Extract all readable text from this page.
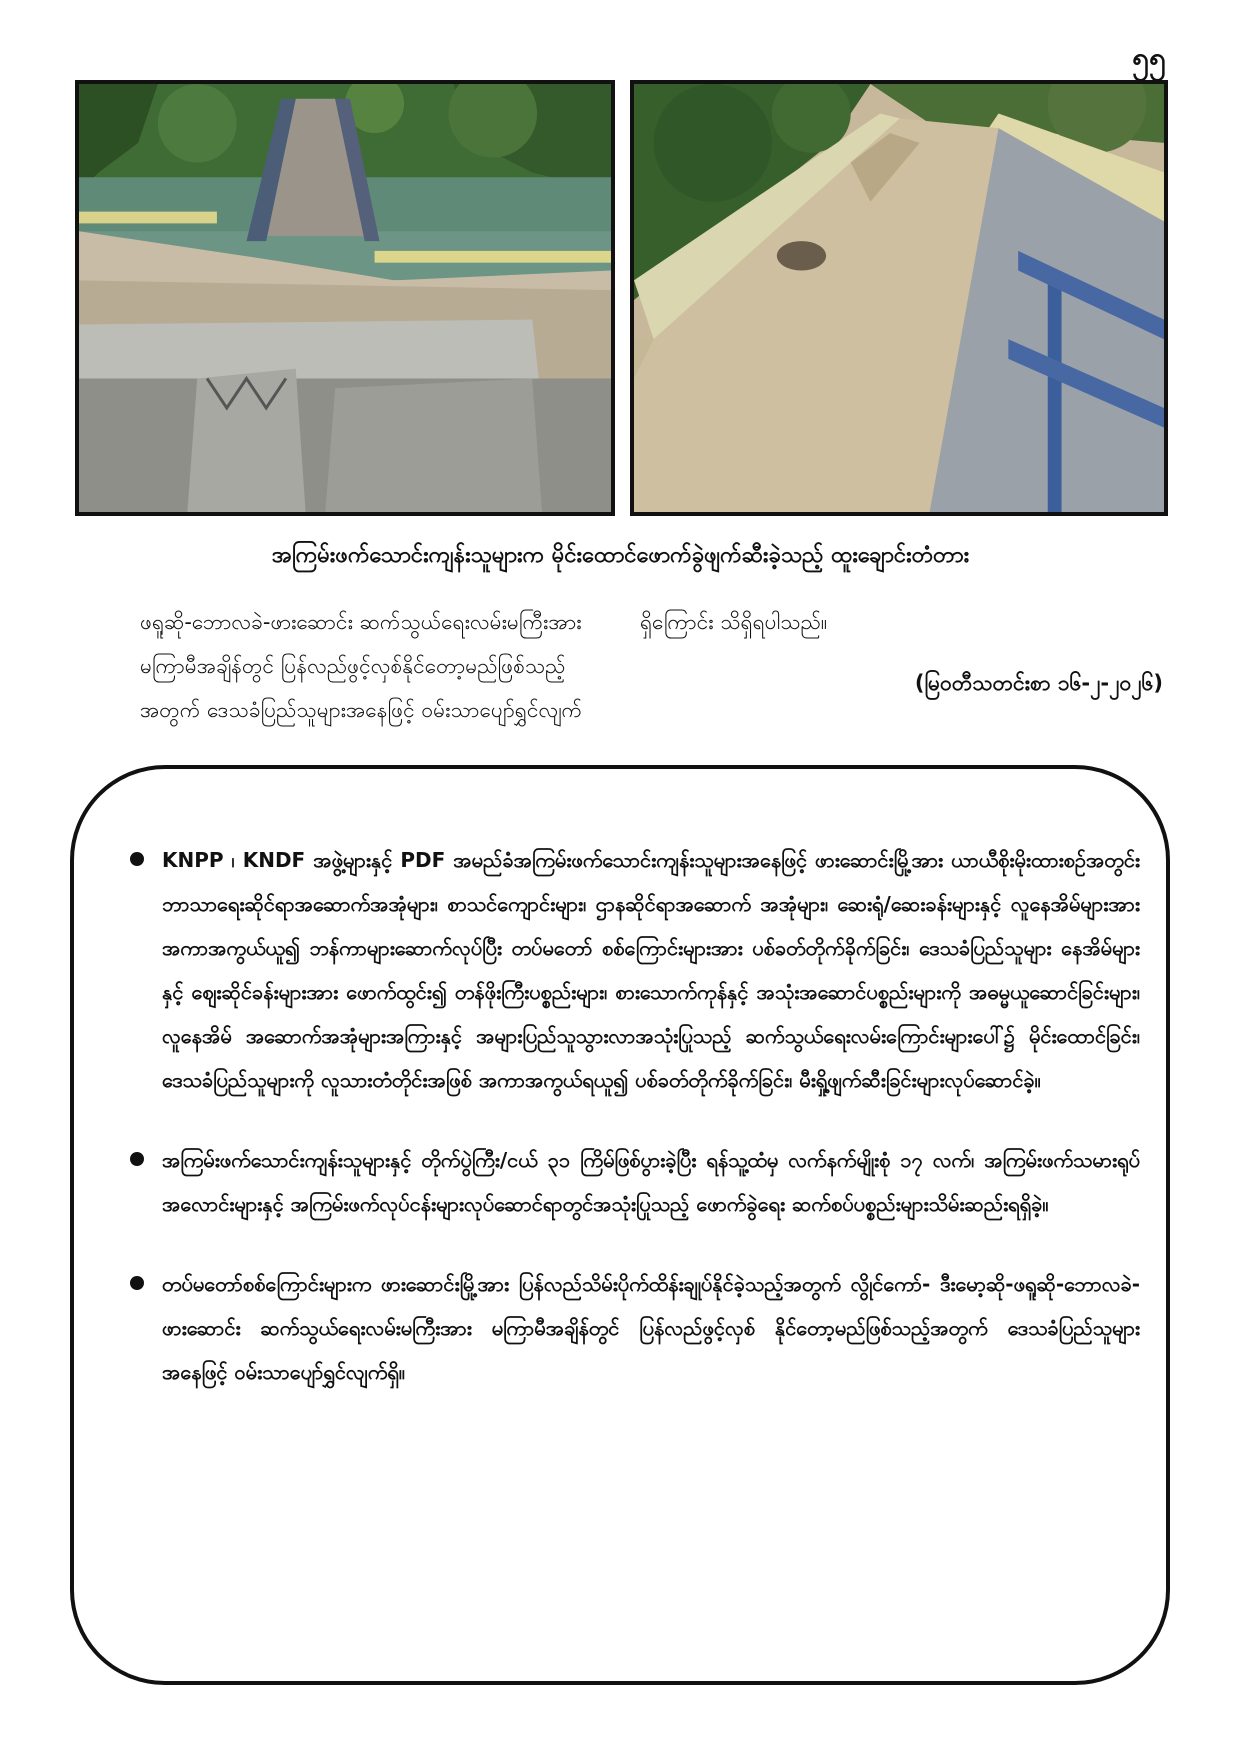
၅၅
အကြမ်းဖက်သောင်းကျန်းသူများက မိုင်းထောင်ဖောက်ခွဲဖျက်ဆီးခဲ့သည့် ထူးချောင်းတံတား
ဖရူဆို-ဘောလခဲ-ဖားဆောင်း ဆက်သွယ်ရေးလမ်းမကြီးအား
မကြာမီအချိန်တွင် ပြန်လည်ဖွင့်လှစ်နိုင်တော့မည်ဖြစ်သည့်
အတွက် ဒေသခံပြည်သူများအနေဖြင့် ဝမ်းသာပျော်ရွှင်လျက်
ရှိကြောင်း သိရှိရပါသည်။
(မြဝတီသတင်းစာ ၁၆-၂-၂၀၂၆)
KNPP ၊ KNDF အဖွဲ့များနှင့် PDF အမည်ခံအကြမ်းဖက်သောင်းကျန်းသူများအနေဖြင့် ဖားဆောင်းမြို့အား ယာယီစိုးမိုးထားစဉ်အတွင်း ဘာသာရေးဆိုင်ရာအဆောက်အအုံများ၊ စာသင်ကျောင်းများ၊ ဌာနဆိုင်ရာအဆောက် အအုံများ၊ ဆေးရုံ/ဆေးခန်းများနှင့် လူနေအိမ်များအားအကာအကွယ်ယူ၍ ဘန်ကာများဆောက်လုပ်ပြီး တပ်မတော် စစ်ကြောင်းများအား ပစ်ခတ်တိုက်ခိုက်ခြင်း၊ ဒေသခံပြည်သူများ နေအိမ်များနှင့် ဈေးဆိုင်ခန်းများအား ဖောက်ထွင်း၍ တန်ဖိုးကြီးပစ္စည်းများ၊ စားသောက်ကုန်နှင့် အသုံးအဆောင်ပစ္စည်းများကို အဓမ္မယူဆောင်ခြင်းများ၊ လူနေအိမ် အဆောက်အအုံများအကြားနှင့် အများပြည်သူသွားလာအသုံးပြုသည့် ဆက်သွယ်ရေးလမ်းကြောင်းများပေါ်၌ မိုင်းထောင်ခြင်း၊ ဒေသခံပြည်သူများကို လူသားတံတိုင်းအဖြစ် အကာအကွယ်ရယူ၍ ပစ်ခတ်တိုက်ခိုက်ခြင်း၊ မီးရှို့ဖျက်ဆီးခြင်းများလုပ်ဆောင်ခဲ့။
အကြမ်းဖက်သောင်းကျန်းသူများနှင့် တိုက်ပွဲကြီး/ငယ် ၃၁ ကြိမ်ဖြစ်ပွားခဲ့ပြီး ရန်သူ့ထံမှ လက်နက်မျိုးစုံ ၁၇ လက်၊ အကြမ်းဖက်သမားရုပ်အလောင်းများနှင့် အကြမ်းဖက်လုပ်ငန်းများလုပ်ဆောင်ရာတွင်အသုံးပြုသည့် ဖောက်ခွဲရေး ဆက်စပ်ပစ္စည်းများသိမ်းဆည်းရရှိခဲ့။
တပ်မတော်စစ်ကြောင်းများက ဖားဆောင်းမြို့အား ပြန်လည်သိမ်းပိုက်ထိန်းချုပ်နိုင်ခဲ့သည့်အတွက် လွိုင်ကော်- ဒီးမော့ဆို-ဖရူဆို-ဘောလခဲ-ဖားဆောင်း ဆက်သွယ်ရေးလမ်းမကြီးအား မကြာမီအချိန်တွင် ပြန်လည်ဖွင့်လှစ် နိုင်တော့မည်ဖြစ်သည့်အတွက် ဒေသခံပြည်သူများအနေဖြင့် ဝမ်းသာပျော်ရွှင်လျက်ရှိ။
